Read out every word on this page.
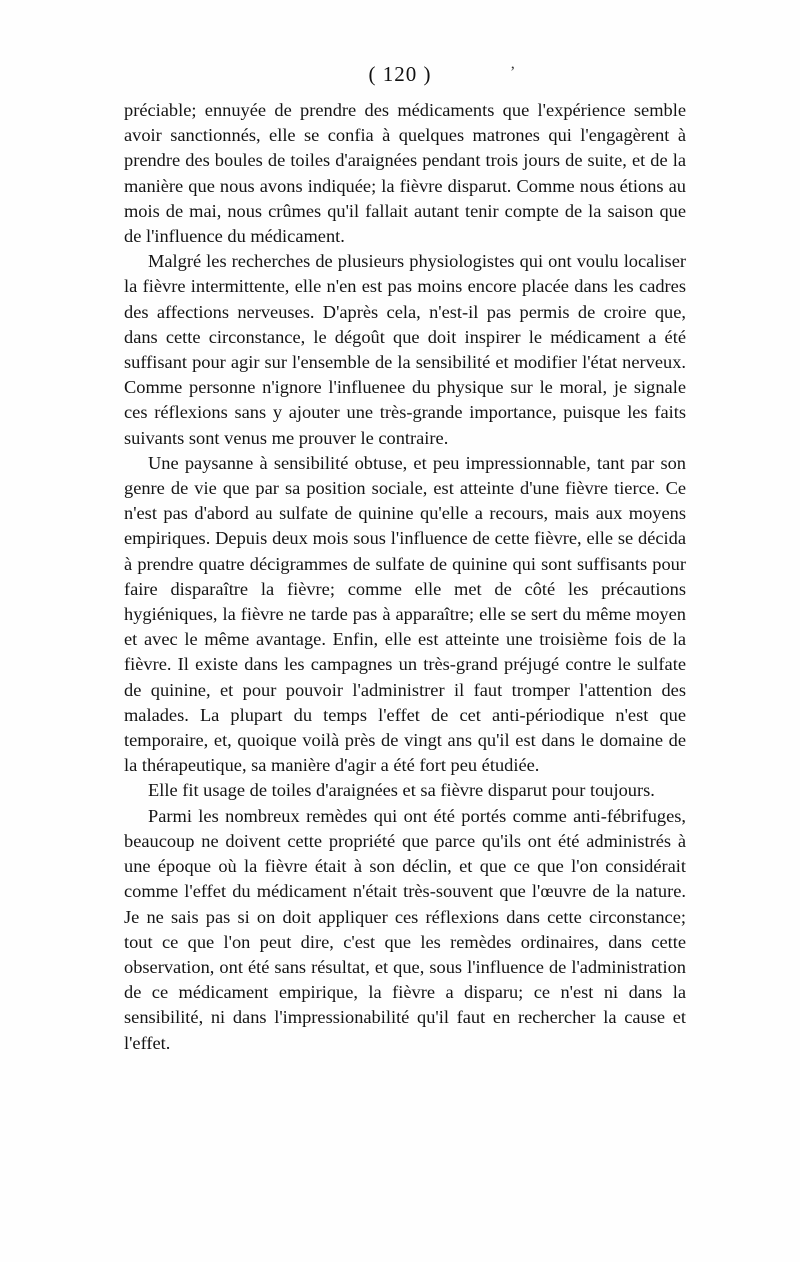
( 120 )	ʼ

préciable; ennuyée de prendre des médicaments que l'expérience semble avoir sanctionnés, elle se confia à quelques matrones qui l'engagèrent à prendre des boules de toiles d'araignées pendant trois jours de suite, et de la manière que nous avons indiquée; la fièvre disparut. Comme nous étions au mois de mai, nous crûmes qu'il fallait autant tenir compte de la saison que de l'influence du médicament.

Malgré les recherches de plusieurs physiologistes qui ont voulu localiser la fièvre intermittente, elle n'en est pas moins encore placée dans les cadres des affections nerveuses. D'après cela, n'est-il pas permis de croire que, dans cette circonstance, le dégoût que doit inspirer le médicament a été suffisant pour agir sur l'ensemble de la sensibilité et modifier l'état nerveux. Comme personne n'ignore l'influenee du physique sur le moral, je signale ces réflexions sans y ajouter une très-grande importance, puisque les faits suivants sont venus me prouver le contraire.

Une paysanne à sensibilité obtuse, et peu impressionnable, tant par son genre de vie que par sa position sociale, est atteinte d'une fièvre tierce. Ce n'est pas d'abord au sulfate de quinine qu'elle a recours, mais aux moyens empiriques. Depuis deux mois sous l'influence de cette fièvre, elle se décida à prendre quatre décigrammes de sulfate de quinine qui sont suffisants pour faire disparaître la fièvre; comme elle met de côté les précautions hygiéniques, la fièvre ne tarde pas à apparaître; elle se sert du même moyen et avec le même avantage. Enfin, elle est atteinte une troisième fois de la fièvre. Il existe dans les campagnes un très-grand préjugé contre le sulfate de quinine, et pour pouvoir l'administrer il faut tromper l'attention des malades. La plupart du temps l'effet de cet anti-périodique n'est que temporaire, et, quoique voilà près de vingt ans qu'il est dans le domaine de la thérapeutique, sa manière d'agir a été fort peu étudiée.

Elle fit usage de toiles d'araignées et sa fièvre disparut pour toujours.

Parmi les nombreux remèdes qui ont été portés comme anti-fébrifuges, beaucoup ne doivent cette propriété que parce qu'ils ont été administrés à une époque où la fièvre était à son déclin, et que ce que l'on considérait comme l'effet du médicament n'était très-souvent que l'œuvre de la nature. Je ne sais pas si on doit appliquer ces réflexions dans cette circonstance; tout ce que l'on peut dire, c'est que les remèdes ordinaires, dans cette observation, ont été sans résultat, et que, sous l'influence de l'administration de ce médicament empirique, la fièvre a disparu; ce n'est ni dans la sensibilité, ni dans l'impressionabilité qu'il faut en rechercher la cause et l'effet.
